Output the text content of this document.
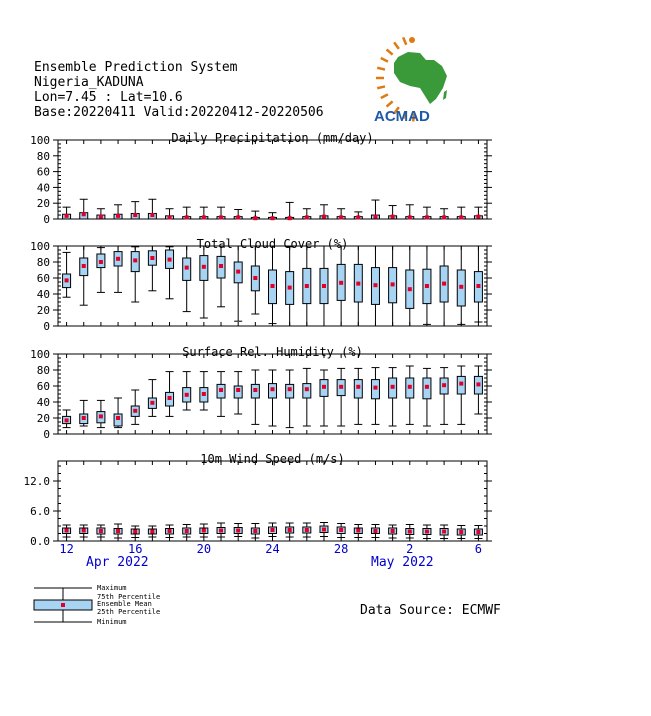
Ensemble Prediction System
Nigeria_KADUNA
Lon=7.45 : Lat=10.6
Base:20220411 Valid:20220412-20220506	ACMAD
Daily Precipitation (mm/day)
0
20
40
60
80
100
Total Cloud Cover (%)
0
20
40
60
80
100
Surface Rel. Humidity (%)
0
20
40
60
80
100
10m Wind Speed (m/s)
0.0
6.0
12.0
12	16	20	24	28	2	6
Apr 2022	May 2022
Maximum
75th Percentile
Ensemble Mean
25th Percentile
Minimum
Data Source: ECMWF
